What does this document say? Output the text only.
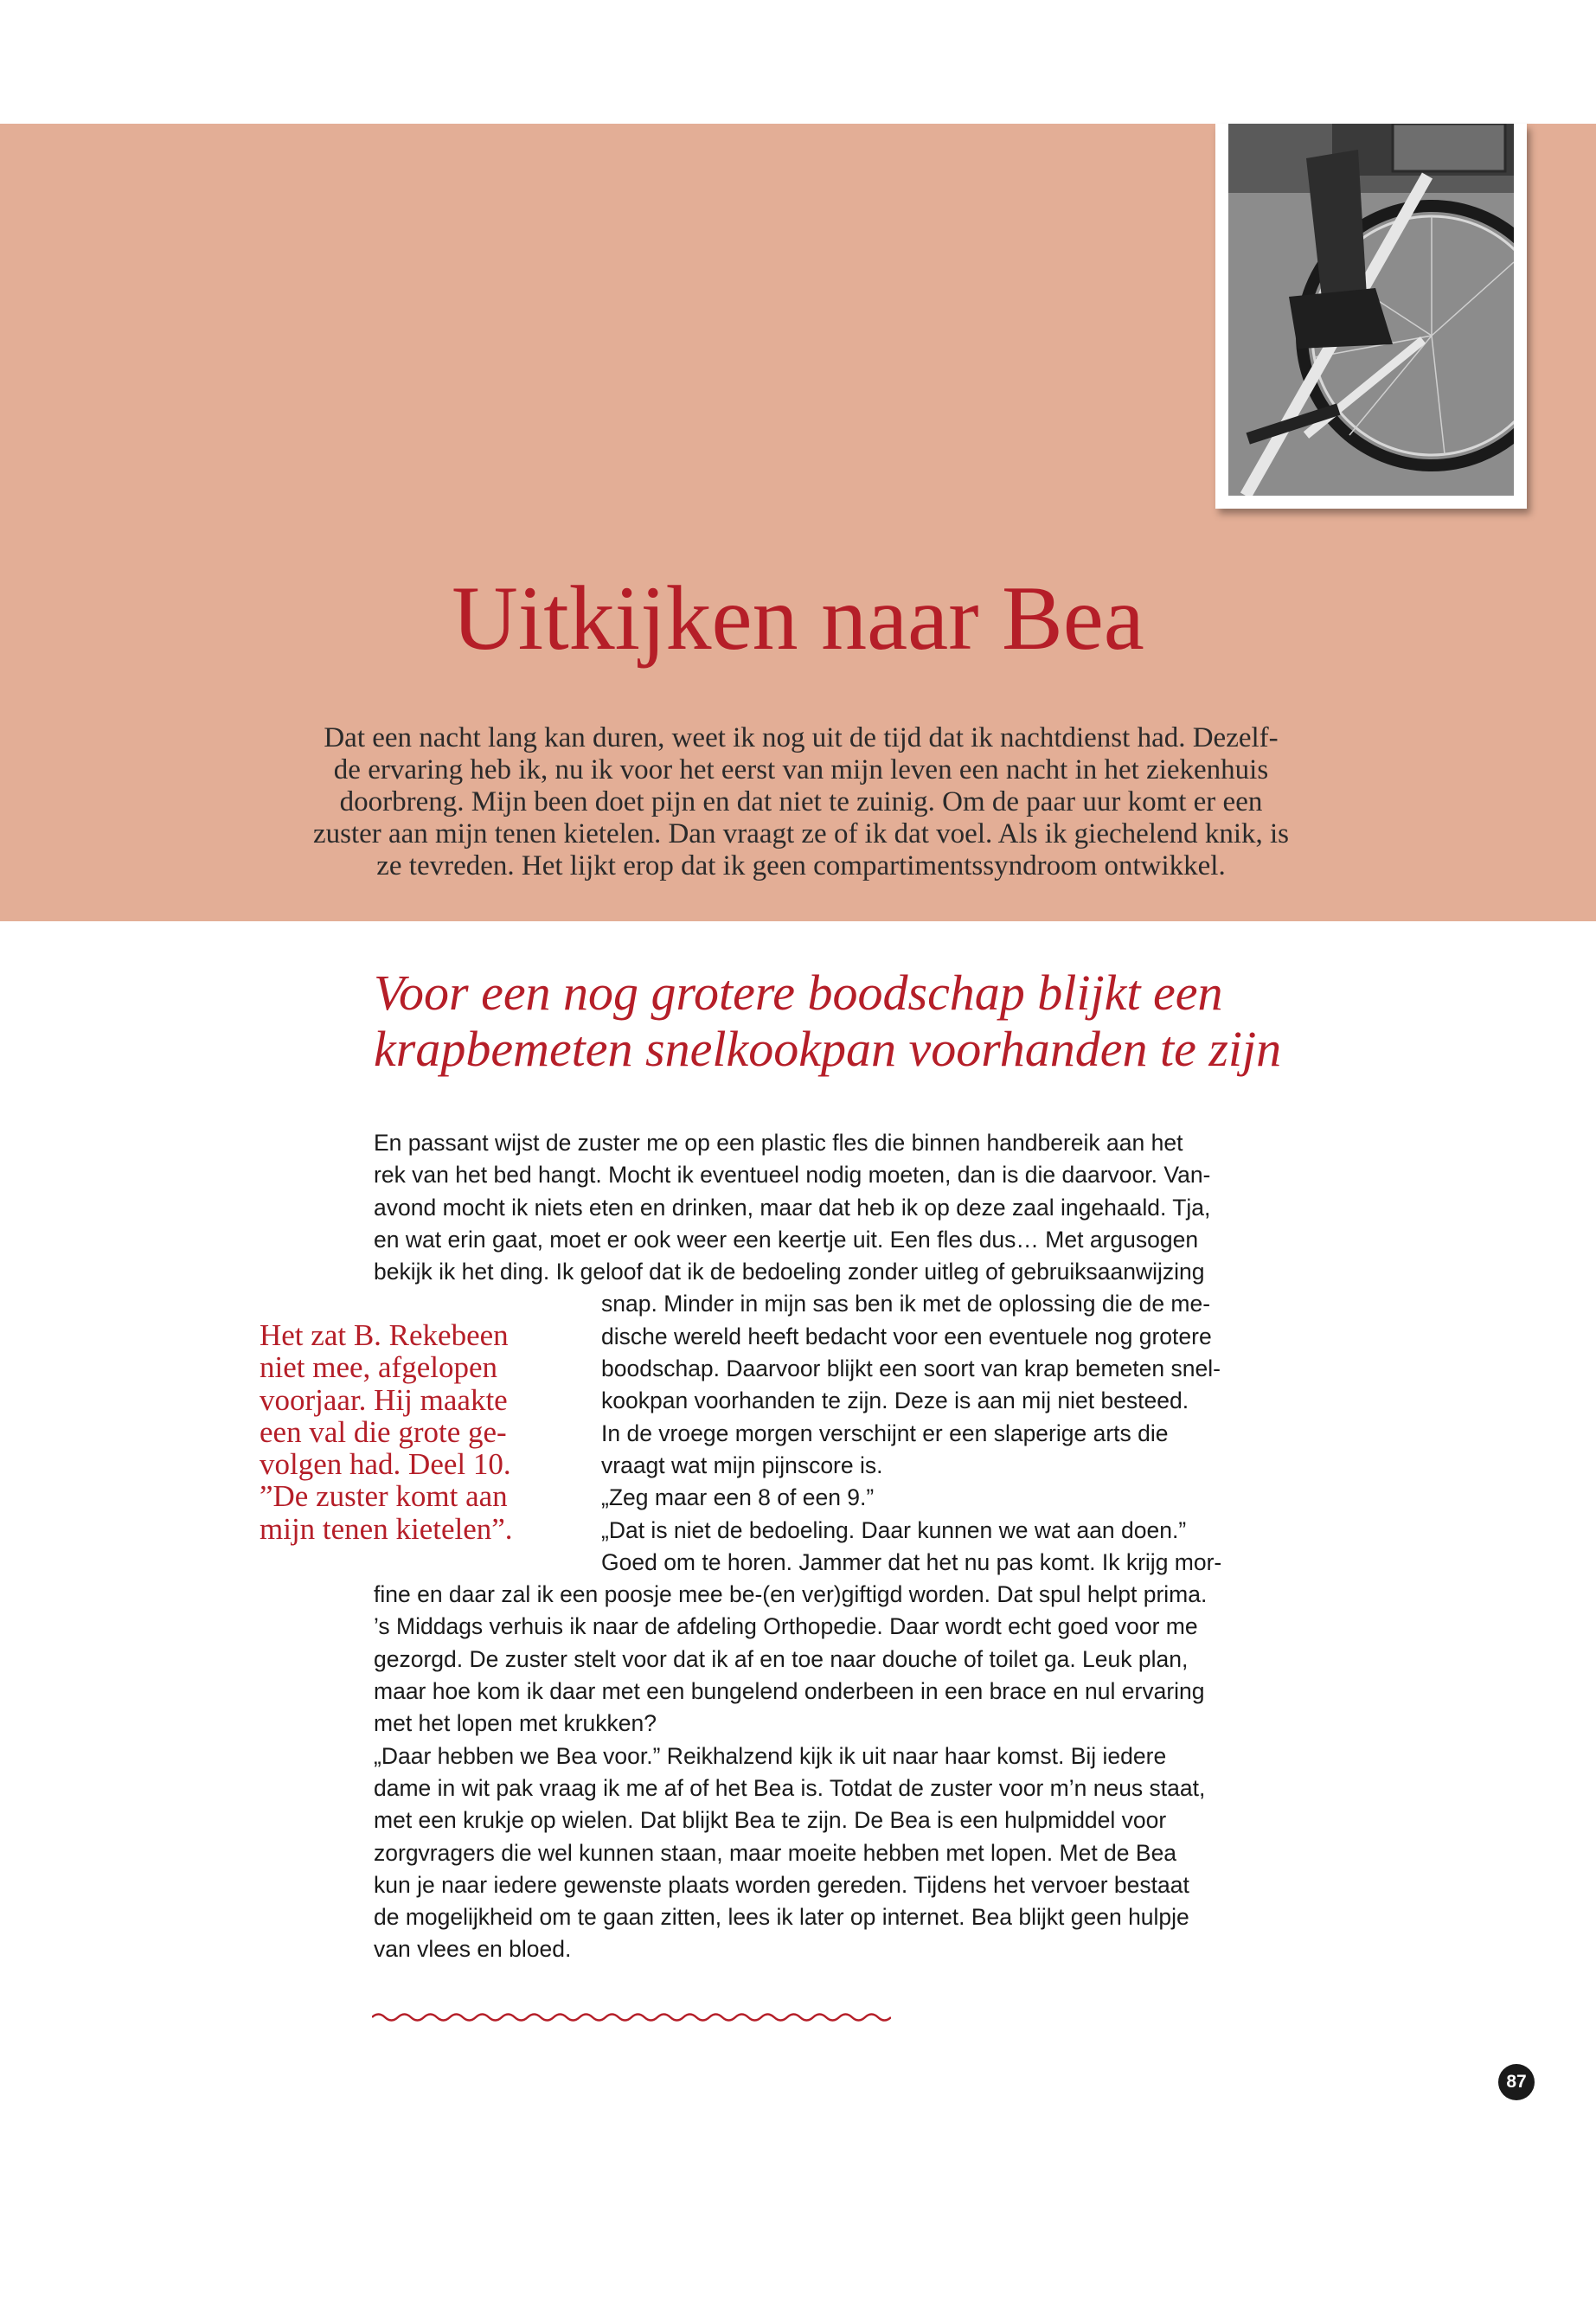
Uitkijken naar Bea
Dat een nacht lang kan duren, weet ik nog uit de tijd dat ik nachtdienst had. Dezelf-
de ervaring heb ik, nu ik voor het eerst van mijn leven een nacht in het ziekenhuis
doorbreng. Mijn been doet pijn en dat niet te zuinig. Om de paar uur komt er een
zuster aan mijn tenen kietelen. Dan vraagt ze of ik dat voel. Als ik giechelend knik, is
ze tevreden. Het lijkt erop dat ik geen compartimentssyndroom ontwikkel.
Voor een nog grotere boodschap blijkt een
krapbemeten snelkookpan voorhanden te zijn
Het zat B. Rekebeen
niet mee, afgelopen
voorjaar. Hij maakte
een val die grote ge-
volgen had. Deel 10.
”De zuster komt aan
mijn tenen kietelen”.
En passant wijst de zuster me op een plastic fles die binnen handbereik aan het
rek van het bed hangt. Mocht ik eventueel nodig moeten, dan is die daarvoor. Van-
avond mocht ik niets eten en drinken, maar dat heb ik op deze zaal ingehaald. Tja,
en wat erin gaat, moet er ook weer een keertje uit. Een fles dus… Met argusogen
bekijk ik het ding. Ik geloof dat ik de bedoeling zonder uitleg of gebruiksaanwijzing
snap. Minder in mijn sas ben ik met de oplossing die de me-
dische wereld heeft bedacht voor een eventuele nog grotere
boodschap. Daarvoor blijkt een soort van krap bemeten snel-
kookpan voorhanden te zijn. Deze is aan mij niet besteed.
In de vroege morgen verschijnt er een slaperige arts die
vraagt wat mijn pijnscore is.
„Zeg maar een 8 of een 9.”
„Dat is niet de bedoeling. Daar kunnen we wat aan doen.”
Goed om te horen. Jammer dat het nu pas komt. Ik krijg mor-
fine en daar zal ik een poosje mee be-(en ver)giftigd worden. Dat spul helpt prima.
’s Middags verhuis ik naar de afdeling Orthopedie. Daar wordt echt goed voor me
gezorgd. De zuster stelt voor dat ik af en toe naar douche of toilet ga. Leuk plan,
maar hoe kom ik daar met een bungelend onderbeen in een brace en nul ervaring
met het lopen met krukken?
„Daar hebben we Bea voor.” Reikhalzend kijk ik uit naar haar komst. Bij iedere
dame in wit pak vraag ik me af of het Bea is. Totdat de zuster voor m’n neus staat,
met een krukje op wielen. Dat blijkt Bea te zijn. De Bea is een hulpmiddel voor
zorgvragers die wel kunnen staan, maar moeite hebben met lopen. Met de Bea
kun je naar iedere gewenste plaats worden gereden. Tijdens het vervoer bestaat
de mogelijkheid om te gaan zitten, lees ik later op internet. Bea blijkt geen hulpje
van vlees en bloed.
87
